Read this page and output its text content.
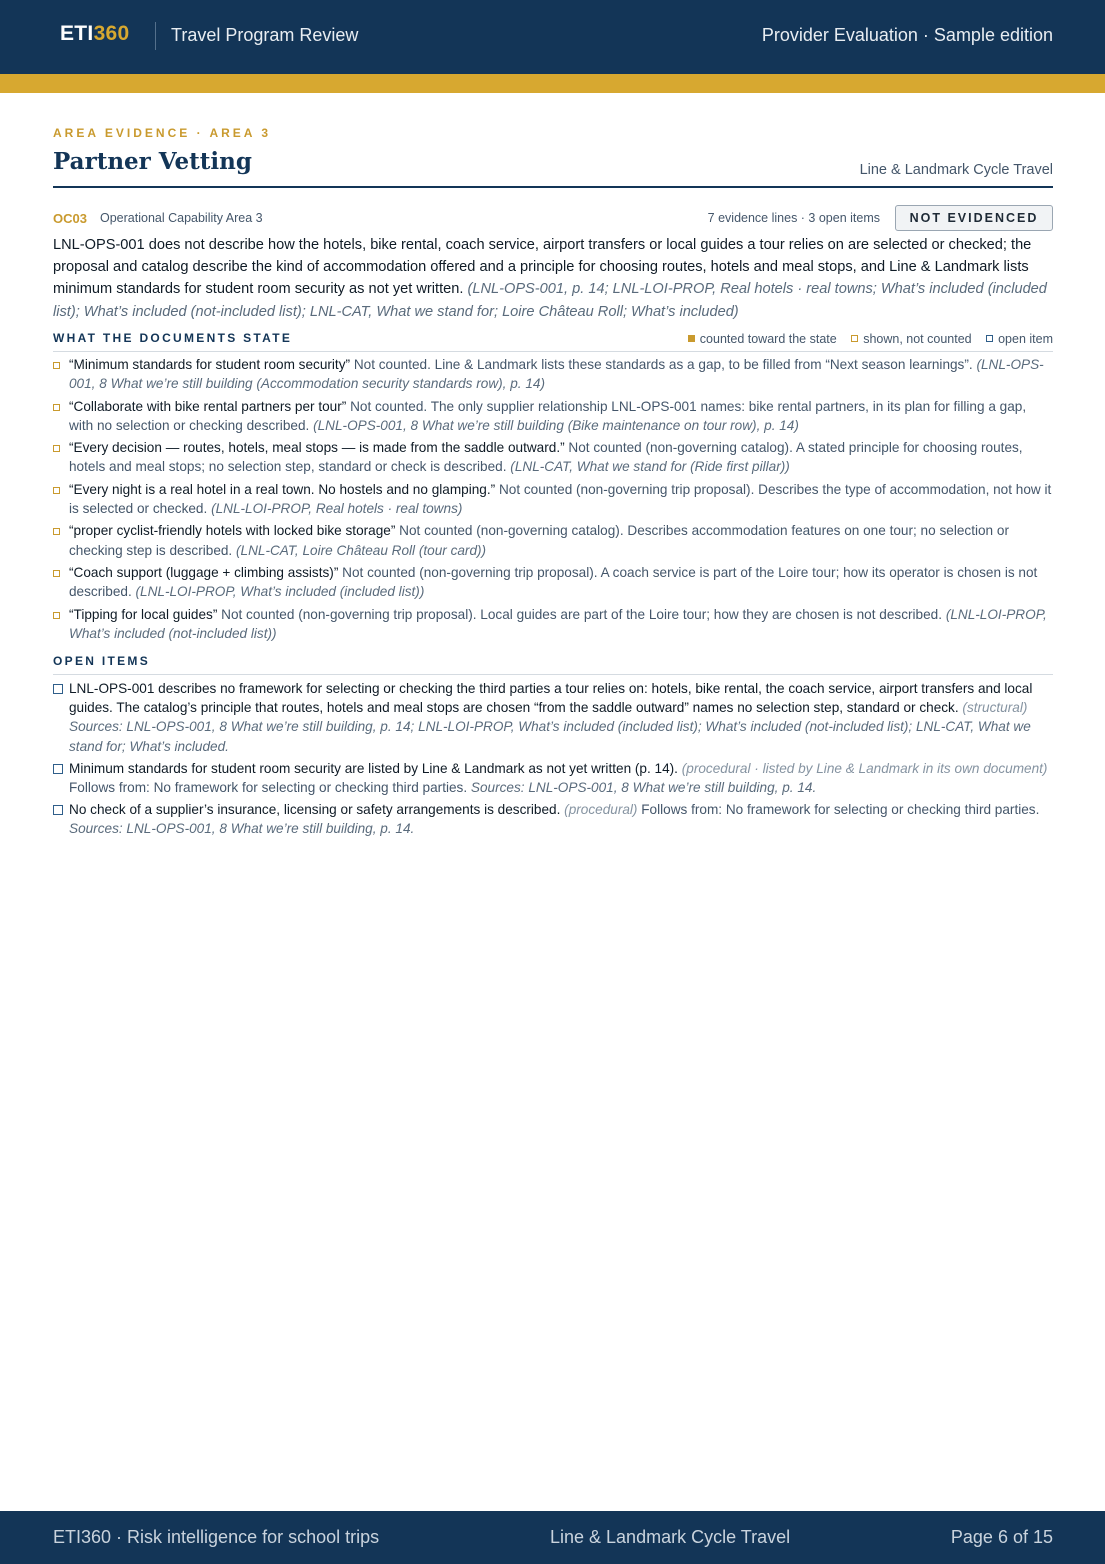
ETI360 Travel Program Review	Provider Evaluation · Sample edition
AREA EVIDENCE · AREA 3
Partner Vetting	Line & Landmark Cycle Travel
OC03 Operational Capability Area 3	7 evidence lines · 3 open items	NOT EVIDENCED
LNL-OPS-001 does not describe how the hotels, bike rental, coach service, airport transfers or local guides a tour relies on are selected or checked; the proposal and catalog describe the kind of accommodation offered and a principle for choosing routes, hotels and meal stops, and Line & Landmark lists minimum standards for student room security as not yet written. (LNL-OPS-001, p. 14; LNL-LOI-PROP, Real hotels · real towns; What’s included (included list); What’s included (not-included list); LNL-CAT, What we stand for; Loire Château Roll; What’s included)
WHAT THE DOCUMENTS STATE	counted toward the state shown, not counted open item
“Minimum standards for student room security” Not counted. Line & Landmark lists these standards as a gap, to be filled from “Next season learnings”. (LNL-OPS-001, 8 What we’re still building (Accommodation security standards row), p. 14)
“Collaborate with bike rental partners per tour” Not counted. The only supplier relationship LNL-OPS-001 names: bike rental partners, in its plan for filling a gap, with no selection or checking described. (LNL-OPS-001, 8 What we’re still building (Bike maintenance on tour row), p. 14)
“Every decision — routes, hotels, meal stops — is made from the saddle outward.” Not counted (non-governing catalog). A stated principle for choosing routes, hotels and meal stops; no selection step, standard or check is described. (LNL-CAT, What we stand for (Ride first pillar))
“Every night is a real hotel in a real town. No hostels and no glamping.” Not counted (non-governing trip proposal). Describes the type of accommodation, not how it is selected or checked. (LNL-LOI-PROP, Real hotels · real towns)
“proper cyclist-friendly hotels with locked bike storage” Not counted (non-governing catalog). Describes accommodation features on one tour; no selection or checking step is described. (LNL-CAT, Loire Château Roll (tour card))
“Coach support (luggage + climbing assists)” Not counted (non-governing trip proposal). A coach service is part of the Loire tour; how its operator is chosen is not described. (LNL-LOI-PROP, What’s included (included list))
“Tipping for local guides” Not counted (non-governing trip proposal). Local guides are part of the Loire tour; how they are chosen is not described. (LNL-LOI-PROP, What’s included (not-included list))
OPEN ITEMS
LNL-OPS-001 describes no framework for selecting or checking the third parties a tour relies on: hotels, bike rental, the coach service, airport transfers and local guides. The catalog’s principle that routes, hotels and meal stops are chosen “from the saddle outward” names no selection step, standard or check. (structural) Sources: LNL-OPS-001, 8 What we’re still building, p. 14; LNL-LOI-PROP, What’s included (included list); What’s included (not-included list); LNL-CAT, What we stand for; What’s included.
Minimum standards for student room security are listed by Line & Landmark as not yet written (p. 14). (procedural · listed by Line & Landmark in its own document) Follows from: No framework for selecting or checking third parties. Sources: LNL-OPS-001, 8 What we’re still building, p. 14.
No check of a supplier’s insurance, licensing or safety arrangements is described. (procedural) Follows from: No framework for selecting or checking third parties. Sources: LNL-OPS-001, 8 What we’re still building, p. 14.
ETI360 · Risk intelligence for school trips	Line & Landmark Cycle Travel	Page 6 of 15
